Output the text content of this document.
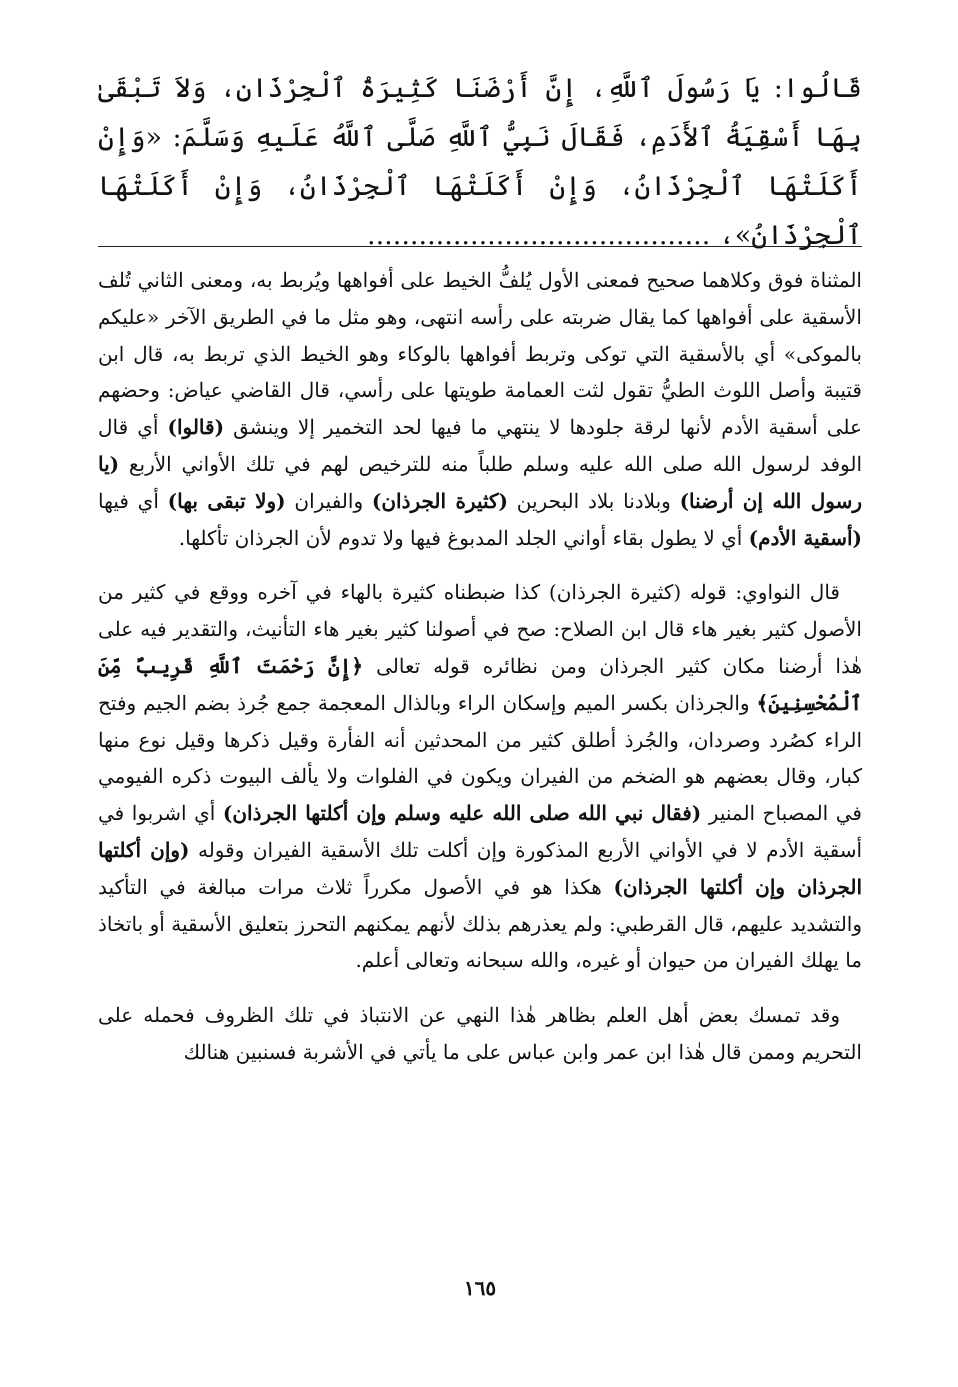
قَالُوا: يَا رَسُولَ ٱللَّهِ، إِنَّ أَرْضَنَا كَثِيرَةُ ٱلْجِرْذَانِ، وَلاَ تَبْقَىٰ بِهَا أَسْقِيَةُ ٱلأَدَمِ، فَقَالَ نَبِيُّ ٱللَّهِ صَلَّى ٱللَّهُ عَلَيهِ وَسَلَّمَ: «وَإِنْ أَكَلَتْهَا ٱلْجِرْذَانُ، وَإِنْ أَكَلَتْهَا ٱلْجِرْذَانُ، وَإِنْ أَكَلَتْهَا ٱلْجِرْذَانُ»، ........................................

المثناة فوق وكلاهما صحيح فمعنى الأول يُلفُّ الخيط على أفواهها ويُربط به، ومعنى الثاني تُلف الأسقية على أفواهها كما يقال ضربته على رأسه انتهى، وهو مثل ما في الطريق الآخر «عليكم بالموكى» أي بالأسقية التي توكى وتربط أفواهها بالوكاء وهو الخيط الذي تربط به، قال ابن قتيبة وأصل اللوث الطيُّ تقول لثت العمامة طويتها على رأسي، قال القاضي عياض: وحضهم على أسقية الأدم لأنها لرقة جلودها لا ينتهي ما فيها لحد التخمير إلا وينشق (قالوا) أي قال الوفد لرسول الله صلى الله عليه وسلم طلباً منه للترخيص لهم في تلك الأواني الأربع (يا رسول الله إن أرضنا) وبلادنا بلاد البحرين (كثيرة الجرذان) والفيران (ولا تبقى بها) أي فيها (أسقية الأدم) أي لا يطول بقاء أواني الجلد المدبوغ فيها ولا تدوم لأن الجرذان تأكلها.

قال النواوي: قوله (كثيرة الجرذان) كذا ضبطناه كثيرة بالهاء في آخره ووقع في كثير من الأصول كثير بغير هاء قال ابن الصلاح: صح في أصولنا كثير بغير هاء التأنيث، والتقدير فيه على هٰذا أرضنا مكان كثير الجرذان ومن نظائره قوله تعالى ﴿إِنَّ رَحْمَتَ ٱللَّهِ قَرِيبٌ مِّنَ ٱلْمُحْسِنِينَ﴾ والجرذان بكسر الميم وإسكان الراء وبالذال المعجمة جمع جُرذ بضم الجيم وفتح الراء كصُرد وصردان، والجُرذ أطلق كثير من المحدثين أنه الفأرة وقيل ذكرها وقيل نوع منها كبار، وقال بعضهم هو الضخم من الفيران ويكون في الفلوات ولا يألف البيوت ذكره الفيومي في المصباح المنير (فقال نبي الله صلى الله عليه وسلم وإن أكلتها الجرذان) أي اشربوا في أسقية الأدم لا في الأواني الأربع المذكورة وإن أكلت تلك الأسقية الفيران وقوله (وإن أكلتها الجرذان وإن أكلتها الجرذان) هكذا هو في الأصول مكرراً ثلاث مرات مبالغة في التأكيد والتشديد عليهم، قال القرطبي: ولم يعذرهم بذلك لأنهم يمكنهم التحرز بتعليق الأسقية أو باتخاذ ما يهلك الفيران من حيوان أو غيره، والله سبحانه وتعالى أعلم.

وقد تمسك بعض أهل العلم بظاهر هٰذا النهي عن الانتباذ في تلك الظروف فحمله على التحريم وممن قال هٰذا ابن عمر وابن عباس على ما يأتي في الأشربة فسنبين هنالك

١٦٥
